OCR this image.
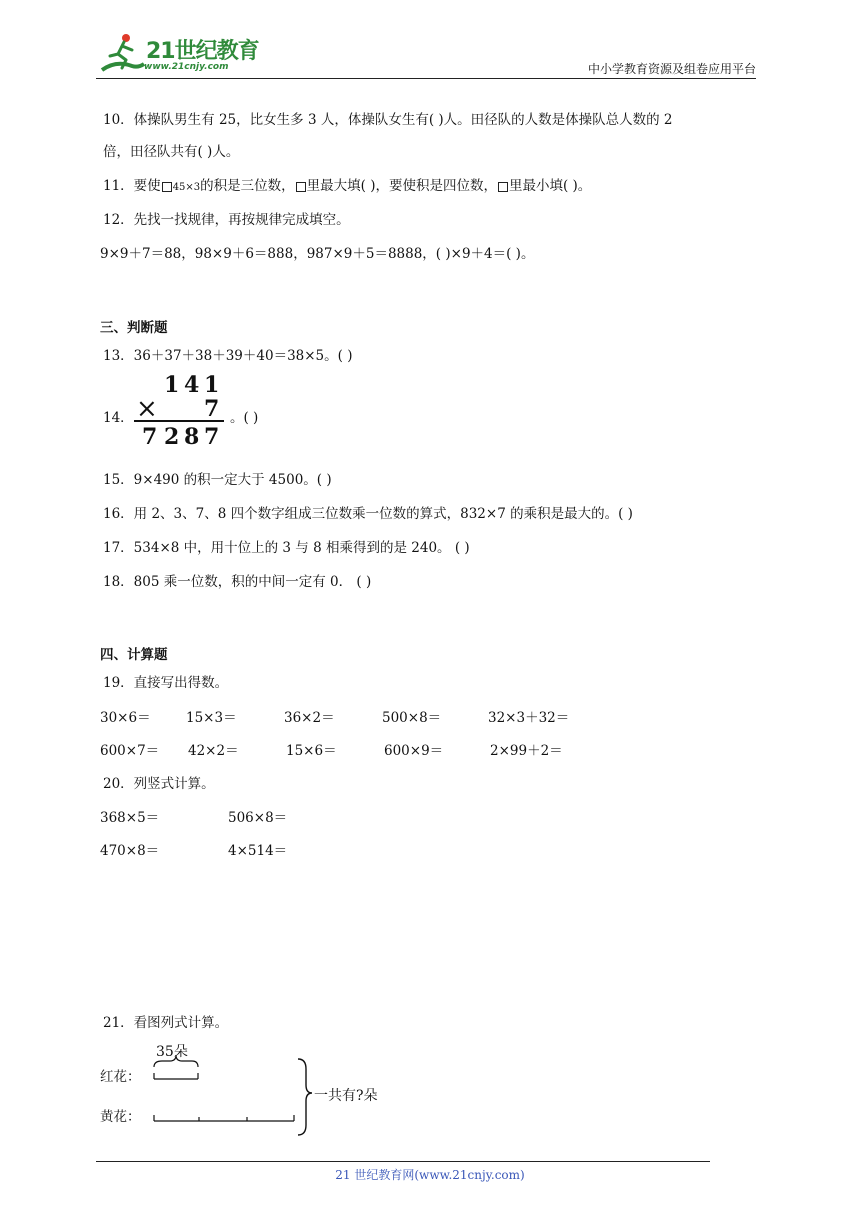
21世纪教育
www.21cnjy.com	中小学教育资源及组卷应用平台
10．体操队男生有 25，比女生多 3 人，体操队女生有( )人。田径队的人数是体操队总人数的 2
倍，田径队共有( )人。
11．要使 45×3的积是三位数， 里最大填( )，要使积是四位数， 里最小填( )。
12．先找一找规律，再按规律完成填空。
9×9＋7＝88，98×9＋6＝888，987×9＋5＝8888，( )×9＋4＝( )。
三、判断题
13．36＋37＋38＋39＋40＝38×5。( )
14．
1 4 1
× 7
7 2 8 7
。( )
15．9×490 的积一定大于 4500。( )
16．用 2、3、7、8 四个数字组成三位数乘一位数的算式，832×7 的乘积是最大的。( )
17．534×8 中，用十位上的 3 与 8 相乘得到的是 240。 ( )
18．805 乘一位数，积的中间一定有 0． ( )
四、计算题
19．直接写出得数。
30×6＝	15×3＝	36×2＝	500×8＝	32×3＋32＝
600×7＝ 42×2＝	15×6＝	600×9＝	2×99＋2＝
20．列竖式计算。
368×5＝	506×8＝
470×8＝	4×514＝
21．看图列式计算。
红花：
黄花：
35朵
一共有?朵
21 世纪教育网(www.21cnjy.com)
